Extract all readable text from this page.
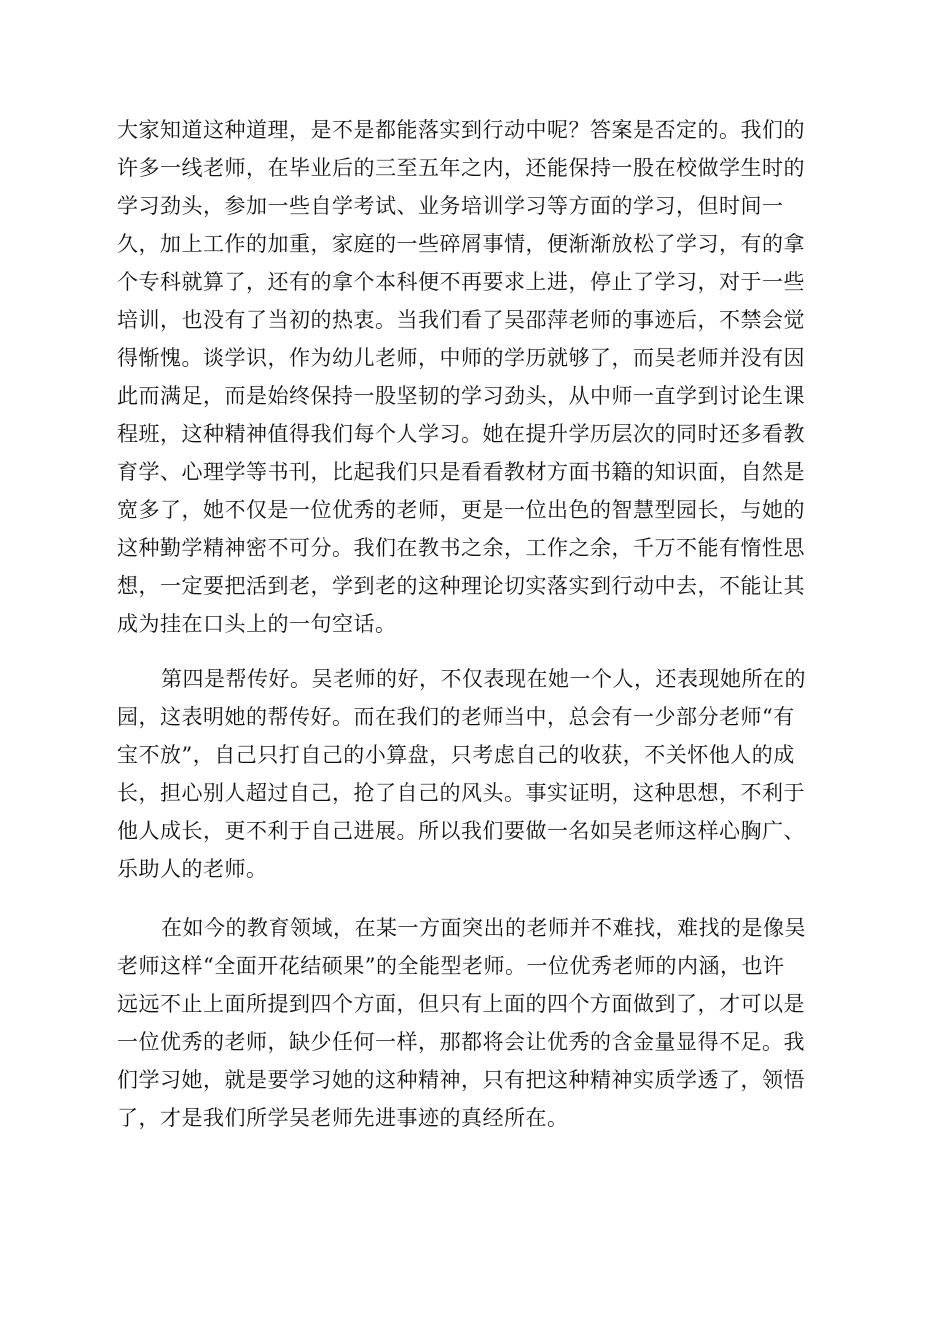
大家知道这种道理，是不是都能落实到行动中呢？答案是否定的。我们的
许多一线老师，在毕业后的三至五年之内，还能保持一股在校做学生时的
学习劲头，参加一些自学考试、业务培训学习等方面的学习，但时间一
久，加上工作的加重，家庭的一些碎屑事情，便渐渐放松了学习，有的拿
个专科就算了，还有的拿个本科便不再要求上进，停止了学习，对于一些
培训，也没有了当初的热衷。当我们看了吴邵萍老师的事迹后，不禁会觉
得惭愧。谈学识，作为幼儿老师，中师的学历就够了，而吴老师并没有因
此而满足，而是始终保持一股坚韧的学习劲头，从中师一直学到讨论生课
程班，这种精神值得我们每个人学习。她在提升学历层次的同时还多看教
育学、心理学等书刊，比起我们只是看看教材方面书籍的知识面，自然是
宽多了，她不仅是一位优秀的老师，更是一位出色的智慧型园长，与她的
这种勤学精神密不可分。我们在教书之余，工作之余，千万不能有惰性思
想，一定要把活到老，学到老的这种理论切实落实到行动中去，不能让其
成为挂在口头上的一句空话。
第四是帮传好。吴老师的好，不仅表现在她一个人，还表现她所在的
园，这表明她的帮传好。而在我们的老师当中，总会有一少部分老师“有
宝不放”，自己只打自己的小算盘，只考虑自己的收获，不关怀他人的成
长，担心别人超过自己，抢了自己的风头。事实证明，这种思想，不利于
他人成长，更不利于自己进展。所以我们要做一名如吴老师这样心胸广、
乐助人的老师。
在如今的教育领域，在某一方面突出的老师并不难找，难找的是像吴
老师这样“全面开花结硕果”的全能型老师。一位优秀老师的内涵，也许
远远不止上面所提到四个方面，但只有上面的四个方面做到了，才可以是
一位优秀的老师，缺少任何一样，那都将会让优秀的含金量显得不足。我
们学习她，就是要学习她的这种精神，只有把这种精神实质学透了，领悟
了，才是我们所学吴老师先进事迹的真经所在。
